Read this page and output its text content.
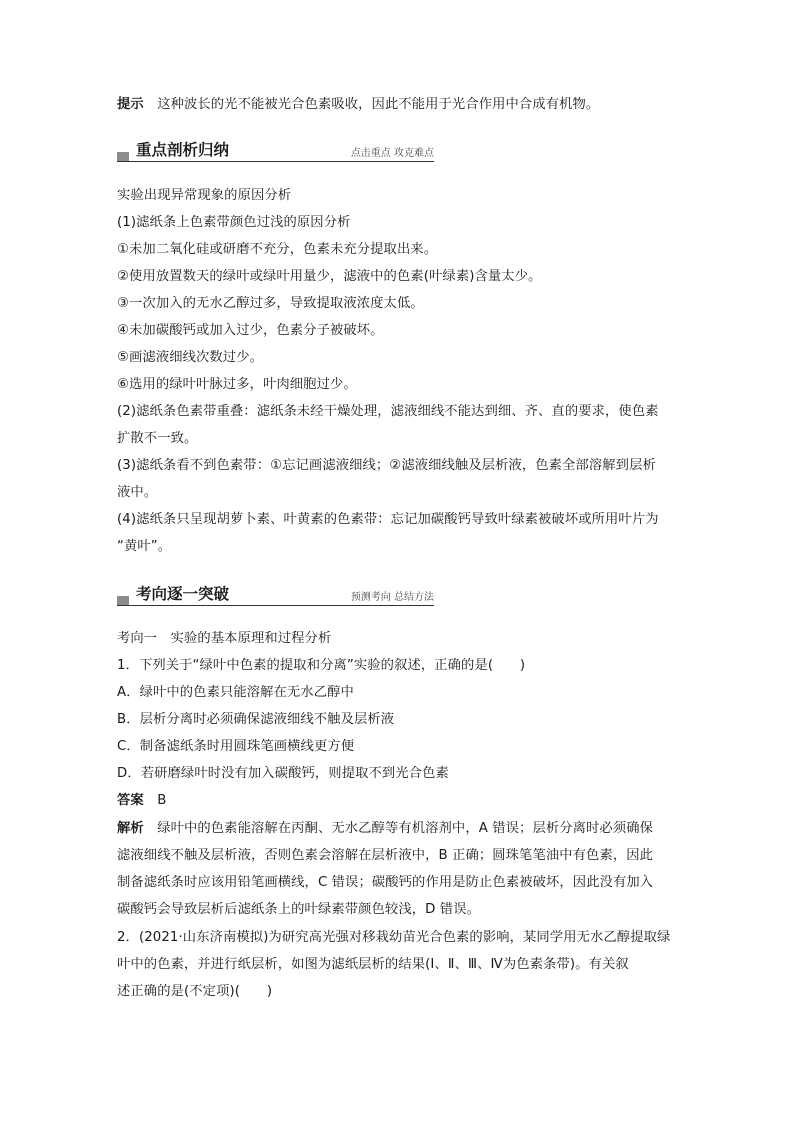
提示　 这种波长的光不能被光合色素吸收，因此不能用于光合作用中合成有机物。
重点剖析归纳	点击重点 攻克难点
实验出现异常现象的原因分析
(1)滤纸条上色素带颜色过浅的原因分析
①未加二氧化硅或研磨不充分，色素未充分提取出来。
②使用放置数天的绿叶或绿叶用量少，滤液中的色素(叶绿素)含量太少。
③一次加入的无水乙醇过多，导致提取液浓度太低。
④未加碳酸钙或加入过少，色素分子被破坏。
⑤画滤液细线次数过少。
⑥选用的绿叶叶脉过多，叶肉细胞过少。
(2)滤纸条色素带重叠：滤纸条未经干燥处理，滤液细线不能达到细、齐、直的要求，使色素
扩散不一致。
(3)滤纸条看不到色素带：①忘记画滤液细线；②滤液细线触及层析液，色素全部溶解到层析
液中。
(4)滤纸条只呈现胡萝卜素、叶黄素的色素带：忘记加碳酸钙导致叶绿素被破坏或所用叶片为
“黄叶”。
考向逐一突破	预测考向 总结方法
考向一　实验的基本原理和过程分析
1．下列关于“绿叶中色素的提取和分离”实验的叙述，正确的是(　　)
A．绿叶中的色素只能溶解在无水乙醇中
B．层析分离时必须确保滤液细线不触及层析液
C．制备滤纸条时用圆珠笔画横线更方便
D．若研磨绿叶时没有加入碳酸钙，则提取不到光合色素
答案　 B
解析　 绿叶中的色素能溶解在丙酮、无水乙醇等有机溶剂中，A 错误；层析分离时必须确保
滤液细线不触及层析液，否则色素会溶解在层析液中，B 正确；圆珠笔笔油中有色素，因此
制备滤纸条时应该用铅笔画横线，C 错误；碳酸钙的作用是防止色素被破坏，因此没有加入
碳酸钙会导致层析后滤纸条上的叶绿素带颜色较浅，D 错误。
2．(2021·山东济南模拟)为研究高光强对移栽幼苗光合色素的影响，某同学用无水乙醇提取绿
叶中的色素，并进行纸层析，如图为滤纸层析的结果(Ⅰ、Ⅱ、Ⅲ、Ⅳ为色素条带)。有关叙
述正确的是(不定项)(　　)
